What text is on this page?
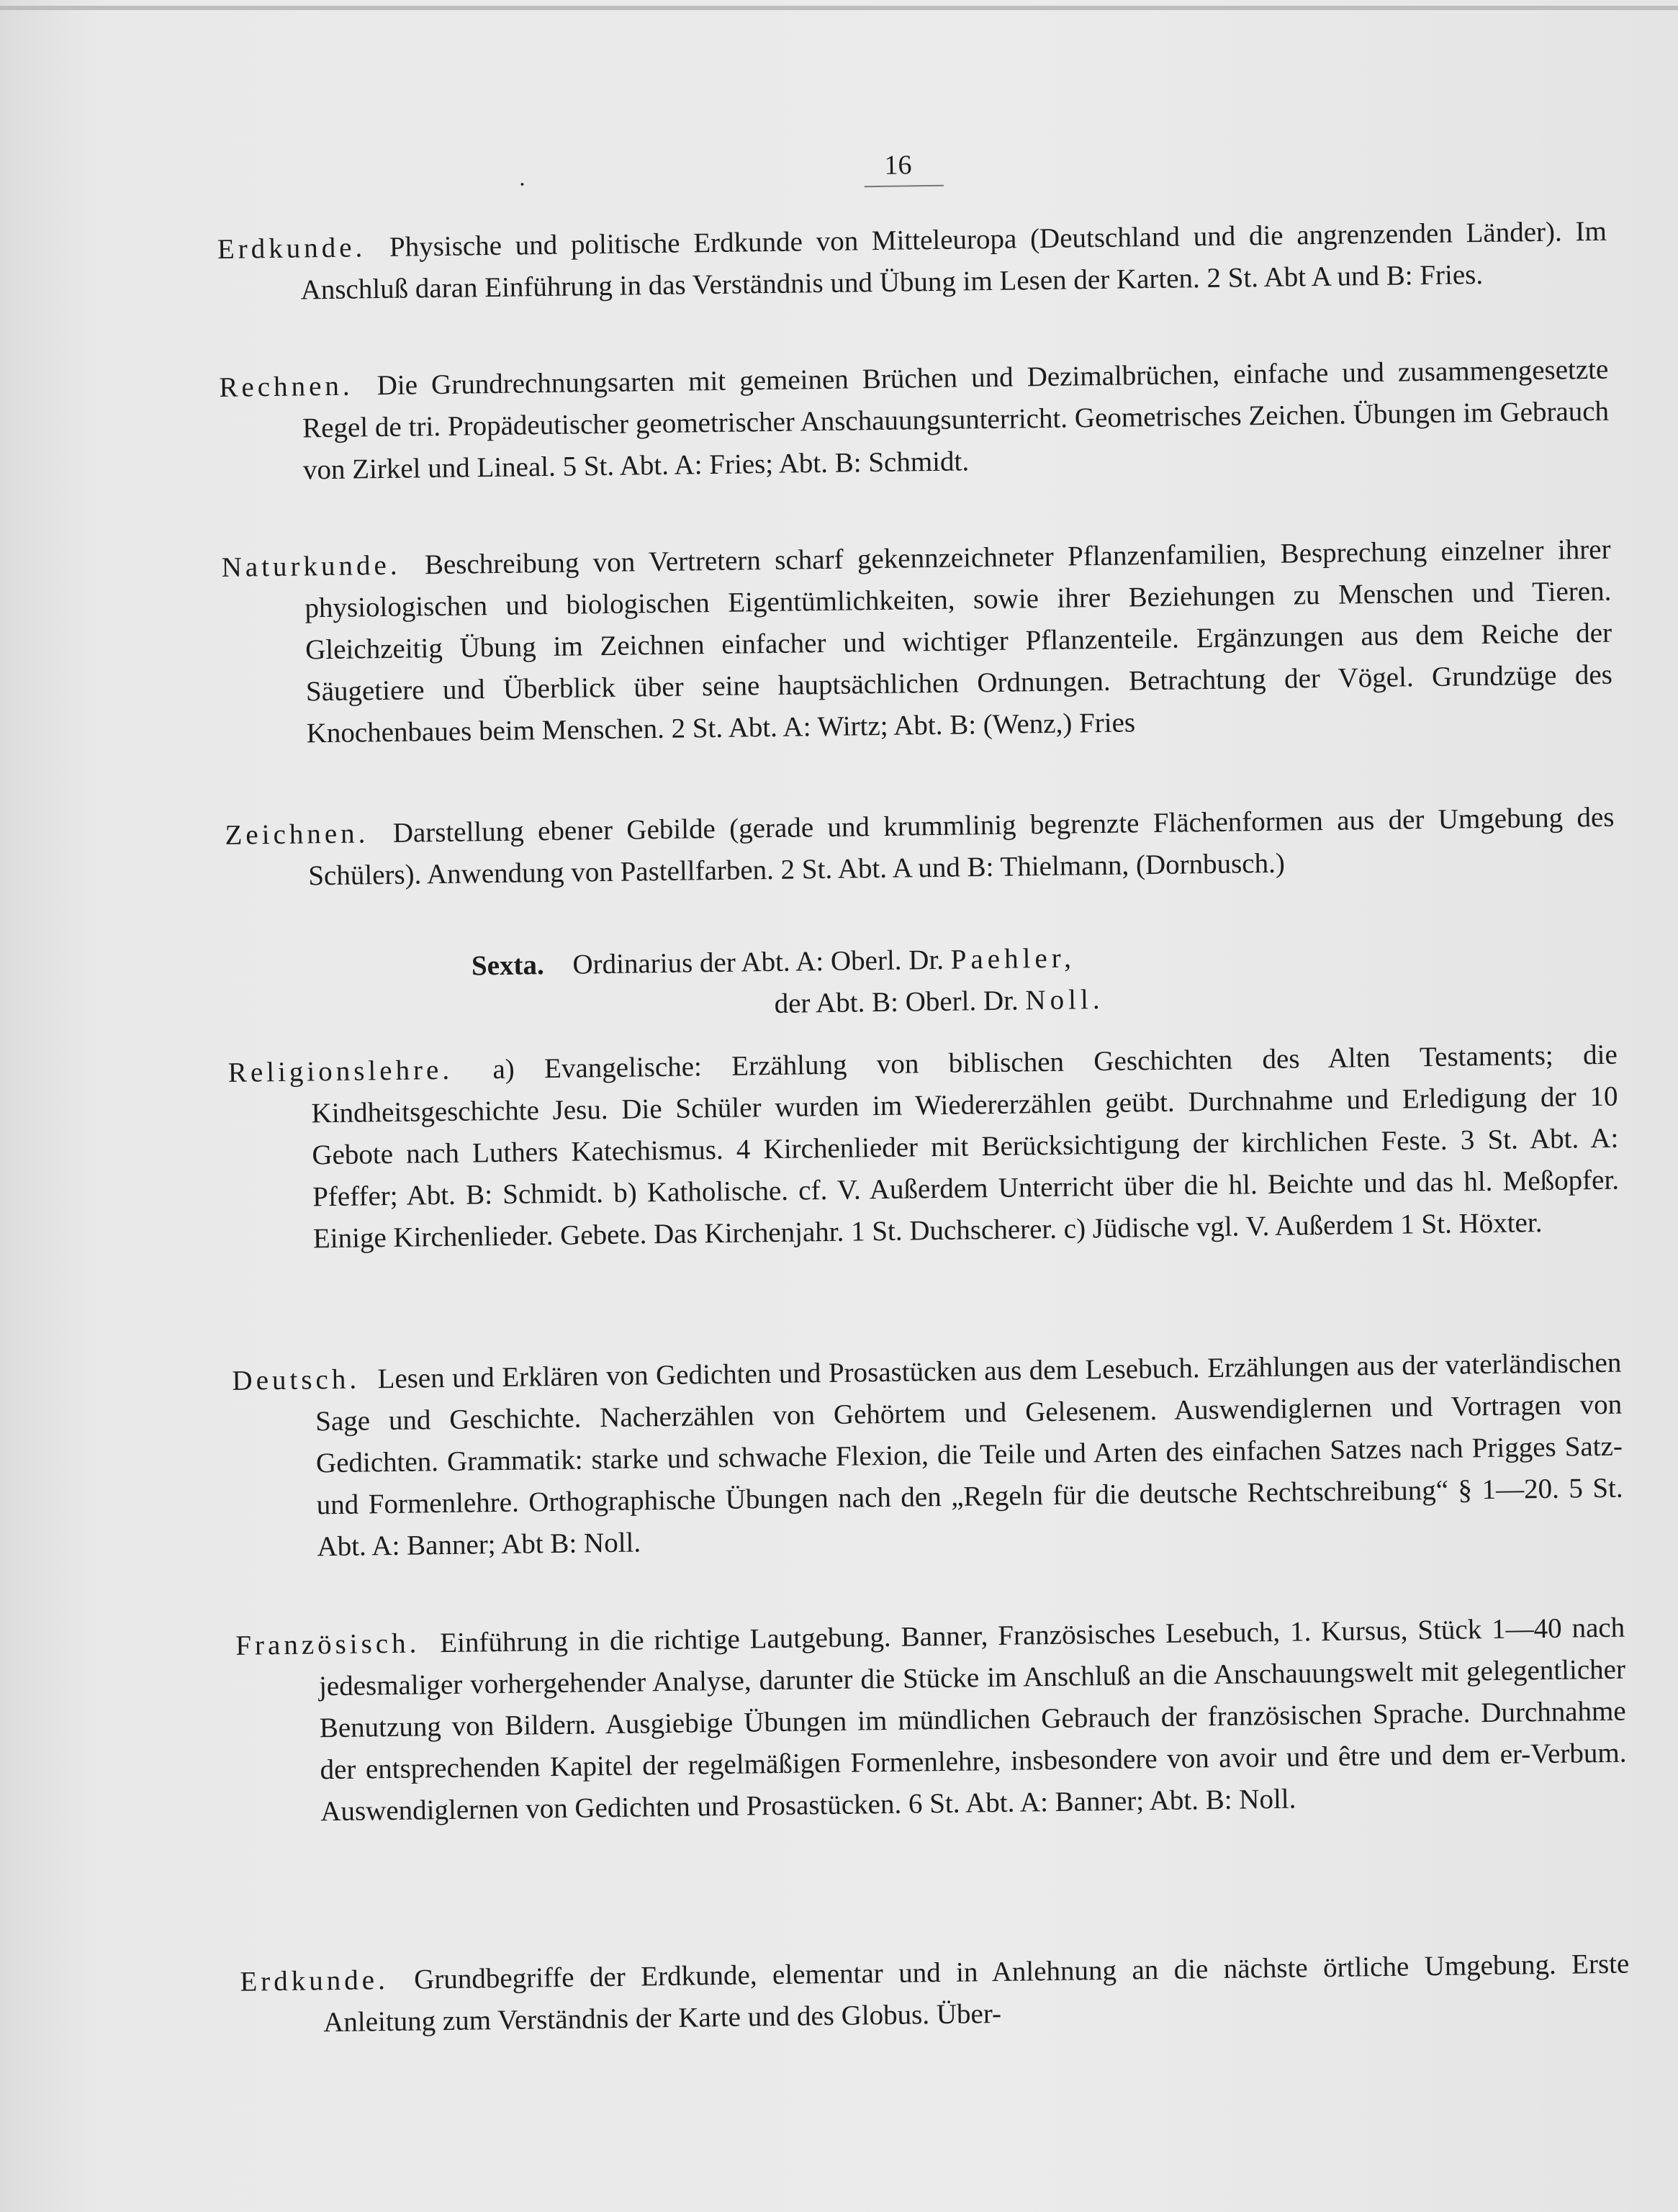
·
16

Erdkunde. Physische und politische Erdkunde von Mitteleuropa (Deutschland und die angrenzenden Länder). Im Anschluß daran Einführung in das Verständnis und Übung im Lesen der Karten. 2 St. Abt A und B: Fries.

Rechnen. Die Grundrechnungsarten mit gemeinen Brüchen und Dezimalbrüchen, einfache und zusammengesetzte Regel de tri. Propädeutischer geometrischer Anschauungsunterricht. Geometrisches Zeichen. Übungen im Gebrauch von Zirkel und Lineal. 5 St. Abt. A: Fries; Abt. B: Schmidt.

Naturkunde. Beschreibung von Vertretern scharf gekennzeichneter Pflanzenfamilien, Besprechung einzelner ihrer physiologischen und biologischen Eigentümlichkeiten, sowie ihrer Beziehungen zu Menschen und Tieren. Gleichzeitig Übung im Zeichnen einfacher und wichtiger Pflanzenteile. Ergänzungen aus dem Reiche der Säugetiere und Überblick über seine hauptsächlichen Ordnungen. Betrachtung der Vögel. Grundzüge des Knochenbaues beim Menschen. 2 St. Abt. A: Wirtz; Abt. B: (Wenz,) Fries

Zeichnen. Darstellung ebener Gebilde (gerade und krummlinig begrenzte Flächenformen aus der Umgebung des Schülers). Anwendung von Pastellfarben. 2 St. Abt. A und B: Thielmann, (Dornbusch.)

Sexta. Ordinarius der Abt. A: Oberl. Dr. Paehler,
der Abt. B: Oberl. Dr. Noll.

Religionslehre. a) Evangelische: Erzählung von biblischen Geschichten des Alten Testaments; die Kindheitsgeschichte Jesu. Die Schüler wurden im Wiedererzählen geübt. Durchnahme und Erledigung der 10 Gebote nach Luthers Katechismus. 4 Kirchenlieder mit Berücksichtigung der kirchlichen Feste. 3 St. Abt. A: Pfeffer; Abt. B: Schmidt. b) Katholische. cf. V. Außerdem Unterricht über die hl. Beichte und das hl. Meßopfer. Einige Kirchenlieder. Gebete. Das Kirchenjahr. 1 St. Duchscherer. c) Jüdische vgl. V. Außerdem 1 St. Höxter.

Deutsch. Lesen und Erklären von Gedichten und Prosastücken aus dem Lesebuch. Erzählungen aus der vaterländischen Sage und Geschichte. Nacherzählen von Gehörtem und Gelesenem. Auswendiglernen und Vortragen von Gedichten. Grammatik: starke und schwache Flexion, die Teile und Arten des einfachen Satzes nach Prigges Satz- und Formenlehre. Orthographische Übungen nach den „Regeln für die deutsche Rechtschreibung“ § 1—20. 5 St. Abt. A: Banner; Abt B: Noll.

Französisch. Einführung in die richtige Lautgebung. Banner, Französisches Lesebuch, 1. Kursus, Stück 1—40 nach jedesmaliger vorhergehender Analyse, darunter die Stücke im Anschluß an die Anschauungswelt mit gelegentlicher Benutzung von Bildern. Ausgiebige Übungen im mündlichen Gebrauch der französischen Sprache. Durchnahme der entsprechenden Kapitel der regelmäßigen Formenlehre, insbesondere von avoir und être und dem er-Verbum. Auswendiglernen von Gedichten und Prosastücken. 6 St. Abt. A: Banner; Abt. B: Noll.

Erdkunde. Grundbegriffe der Erdkunde, elementar und in Anlehnung an die nächste örtliche Umgebung. Erste Anleitung zum Verständnis der Karte und des Globus. Über-
